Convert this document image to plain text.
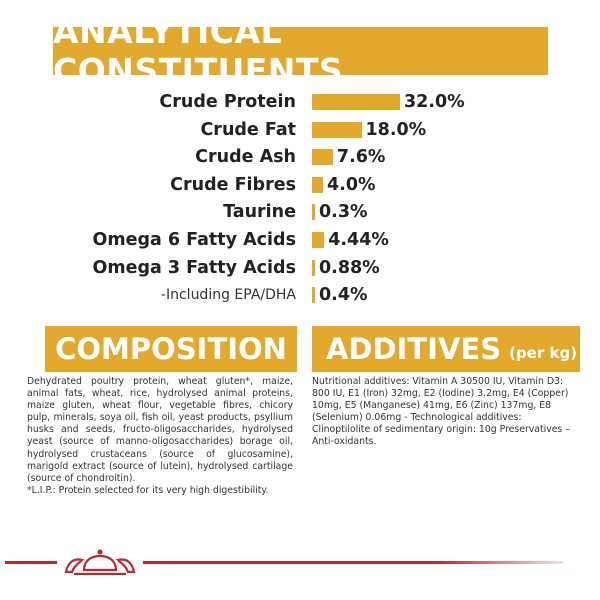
ANALYTICAL CONSTITUENTS
Crude Protein	32.0%
Crude Fat	18.0%
Crude Ash 7.6%
Crude Fibres 4.0%
Taurine 0.3%
Omega 6 Fatty Acids 4.44%
Omega 3 Fatty Acids 0.88%
-Including EPA/DHA 0.4%
COMPOSITION	ADDITIVES (per kg)
Dehydrated poultry protein, wheat gluten*, maize, animal fats, wheat, rice, hydrolysed animal proteins, maize gluten, wheat flour, vegetable fibres, chicory pulp, minerals, soya oil, fish oil, yeast products, psyllium husks and seeds, fructo-oligosaccharides, hydrolysed yeast (source of manno-oligosaccharides) borage oil, hydrolysed crustaceans (source of glucosamine), marigold extract (source of lutein), hydrolysed cartilage (source of chondroitin).
*L.I.P.: Protein selected for its very high digestibility.
Nutritional additives: Vitamin A 30500 IU, Vitamin D3: 800 IU, E1 (Iron) 32mg, E2 (Iodine) 3.2mg, E4 (Copper) 10mg, E5 (Manganese) 41mg, E6 (Zinc) 137mg, E8 (Selenium) 0.06mg - Technological additives: Clinoptilolite of sedimentary origin: 10g Preservatives – Anti-oxidants.
